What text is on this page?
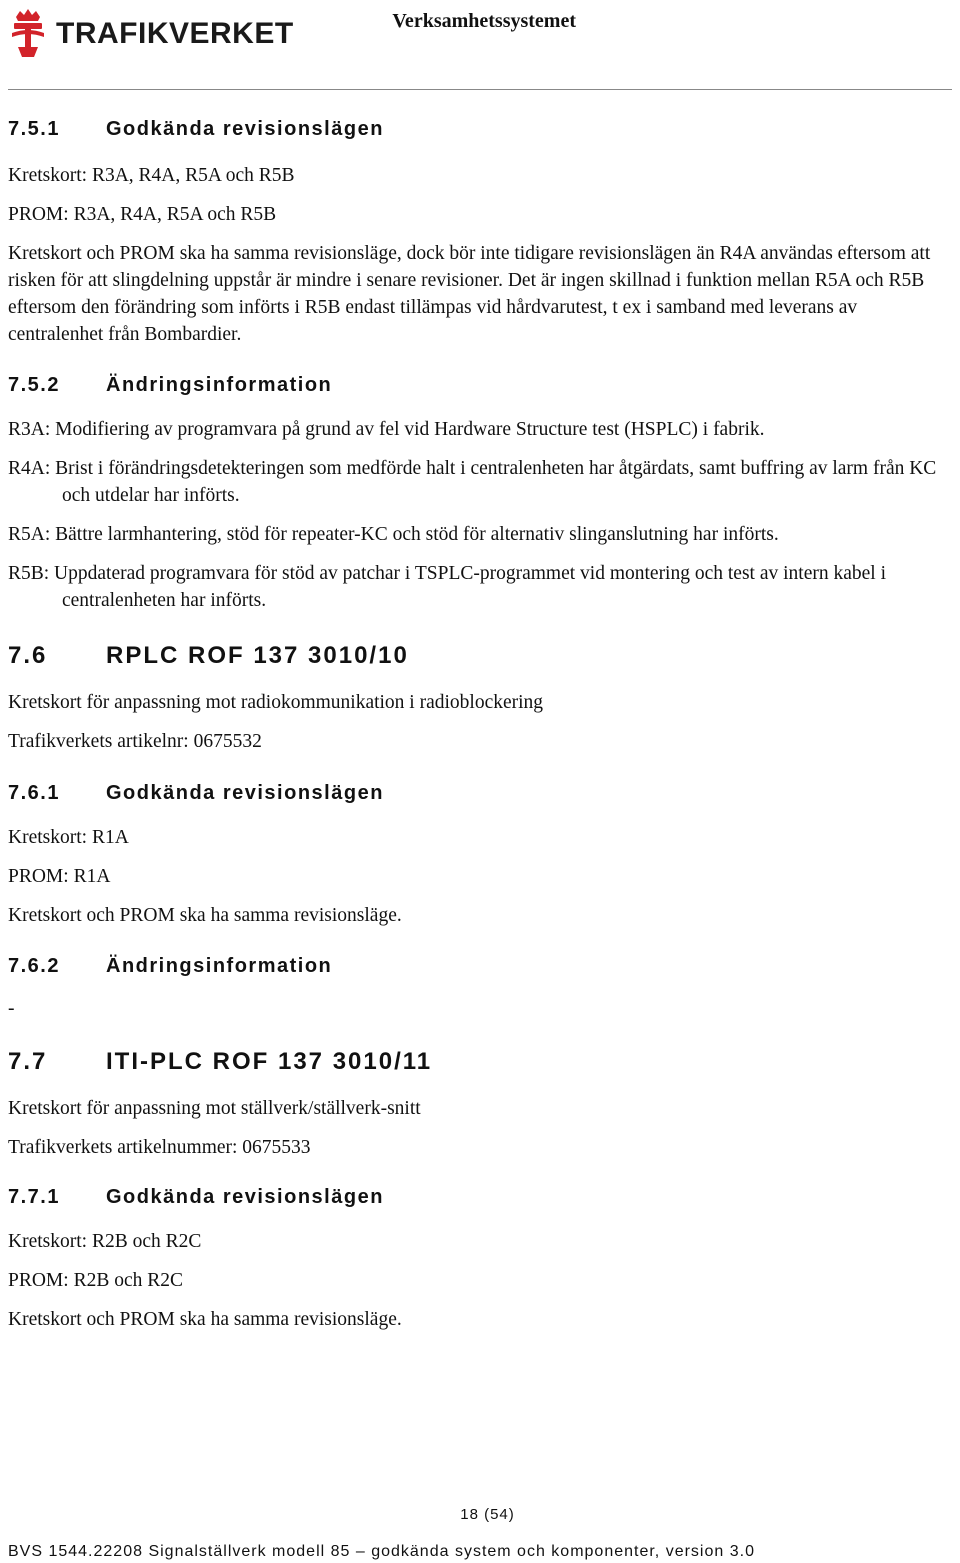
TRAFIKVERKET	Verksamhetssystemet
7.5.1	Godkända revisionslägen
Kretskort: R3A, R4A, R5A och R5B
PROM: R3A, R4A, R5A och R5B
Kretskort och PROM ska ha samma revisionsläge, dock bör inte tidigare revisionslägen än R4A användas eftersom att risken för att slingdelning uppstår är mindre i senare revisioner. Det är ingen skillnad i funktion mellan R5A och R5B eftersom den förändring som införts i R5B endast tillämpas vid hårdvarutest, t ex i samband med leverans av centralenhet från Bombardier.
7.5.2	Ändringsinformation
R3A: Modifiering av programvara på grund av fel vid Hardware Structure test (HSPLC) i fabrik.
R4A: Brist i förändringsdetekteringen som medförde halt i centralenheten har åtgärdats, samt buffring av larm från KC och utdelar har införts.
R5A: Bättre larmhantering, stöd för repeater-KC och stöd för alternativ slinganslutning har införts.
R5B: Uppdaterad programvara för stöd av patchar i TSPLC-programmet vid montering och test av intern kabel i centralenheten har införts.
7.6	RPLC ROF 137 3010/10
Kretskort för anpassning mot radiokommunikation i radioblockering
Trafikverkets artikelnr: 0675532
7.6.1	Godkända revisionslägen
Kretskort: R1A
PROM: R1A
Kretskort och PROM ska ha samma revisionsläge.
7.6.2	Ändringsinformation
-
7.7	ITI-PLC ROF 137 3010/11
Kretskort för anpassning mot ställverk/ställverk-snitt
Trafikverkets artikelnummer: 0675533
7.7.1	Godkända revisionslägen
Kretskort: R2B och R2C
PROM: R2B och R2C
Kretskort och PROM ska ha samma revisionsläge.
18 (54)
BVS 1544.22208 Signalställverk modell 85 – godkända system och komponenter, version 3.0
